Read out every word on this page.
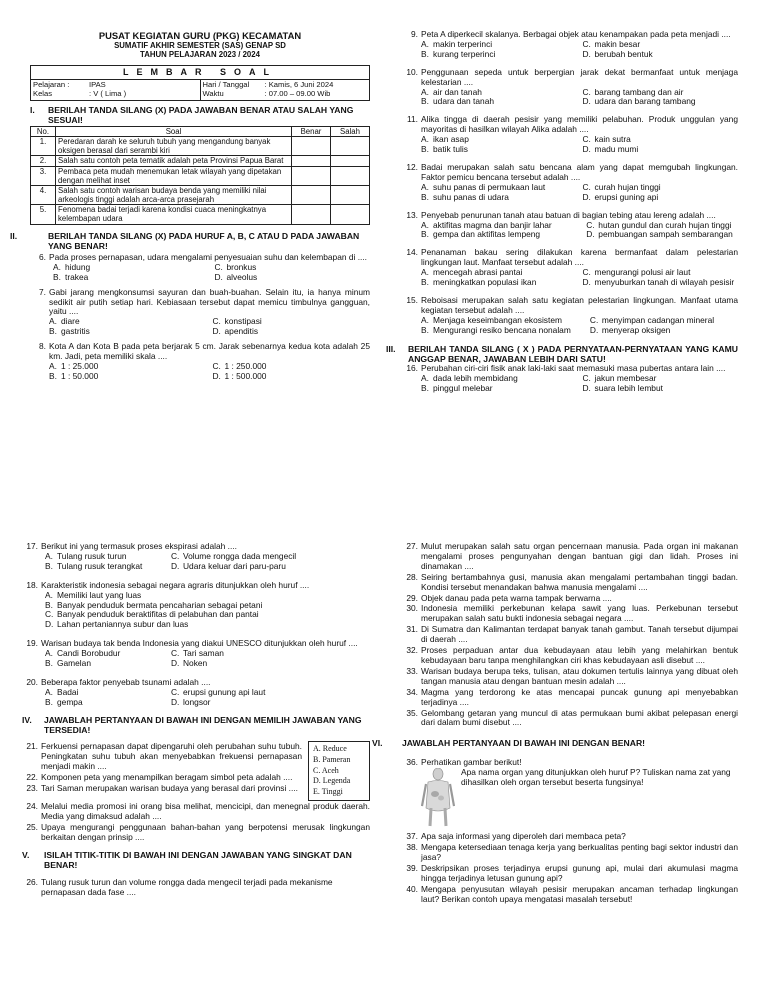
PUSAT KEGIATAN GURU (PKG) KECAMATAN
SUMATIF AKHIR SEMESTER (SAS) GENAP SD
TAHUN PELAJARAN 2023 / 2024
LEMBAR SOAL
Pelajaran :	IPAS
Kelas	: V ( Lima )
Hari / Tanggal	: Kamis, 6 Juni 2024
Waktu	: 07.00 – 09.00 Wib
I.	BERILAH TANDA SILANG (X) PADA JAWABAN BENAR ATAU SALAH YANG SESUAI!
No.	Soal	Benar	Salah
1.	Peredaran darah ke seluruh tubuh yang mengandung banyak oksigen berasal dari serambi kiri		
2.	Salah satu contoh peta tematik adalah peta Provinsi Papua Barat		
3.	Pembaca peta mudah menemukan letak wilayah yang dipetakan dengan melihat inset		
4.	Salah satu contoh warisan budaya benda yang memiliki nilai arkeologis tinggi adalah arca-arca prasejarah		
5.	Fenomena badai terjadi karena kondisi cuaca meningkatnya kelembapan udara		
II.	BERILAH TANDA SILANG (X) PADA HURUF A, B, C ATAU D PADA JAWABAN YANG BENAR!
6. Pada proses pernapasan, udara mengalami penyesuaian suhu dan kelembapan di ....
A. hidung	C. bronkus
B. trakea	D. alveolus
7. Gabi jarang mengkonsumsi sayuran dan buah-buahan. Selain itu, ia hanya minum sedikit air putih setiap hari. Kebiasaan tersebut dapat memicu timbulnya gangguan, yaitu ....
A. diare	C. konstipasi
B. gastritis	D. apenditis
8. Kota A dan Kota B pada peta berjarak 5 cm. Jarak sebenarnya kedua kota adalah 25 km. Jadi, peta memiliki skala ....
A. 1 : 25.000	C. 1 : 250.000
B. 1 : 50.000	D. 1 : 500.000
9. Peta A diperkecil skalanya. Berbagai objek atau kenampakan pada peta menjadi ....
A. makin terperinci	C. makin besar
B. kurang terperinci	D. berubah bentuk
10. Penggunaan sepeda untuk berpergian jarak dekat bermanfaat untuk menjaga kelestarian ....
A. air dan tanah	C. barang tambang dan air
B. udara dan tanah	D. udara dan barang tambang
11. Alika tingga di daerah pesisir yang memiliki pelabuhan. Produk unggulan yang mayoritas di hasilkan wilayah Alika adalah ....
A. ikan asap	C. kain sutra
B. batik tulis	D. madu mumi
12. Badai merupakan salah satu bencana alam yang dapat memgubah lingkungan. Faktor pemicu bencana tersebut adalah ....
A. suhu panas di permukaan laut	C. curah hujan tinggi
B. suhu panas di udara	D. erupsi guning api
13. Penyebab penurunan tanah atau batuan di bagian tebing atau lereng adalah ....
A. aktifitas magma dan banjir lahar	C. hutan gundul dan curah hujan tinggi
B. gempa dan aktifitas lempeng	D. pembuangan sampah sembarangan
14. Penanaman bakau sering dilakukan karena bermanfaat dalam pelestarian lingkungan laut. Manfaat tersebut adalah ....
A. mencegah abrasi pantai	C. mengurangi polusi air laut
B. meningkatkan populasi ikan	D. menyuburkan tanah di wilayah pesisir
15. Reboisasi merupakan salah satu kegiatan pelestarian lingkungan. Manfaat utama kegiatan tersebut adalah ....
A. Menjaga keseimbangan ekosistem	C. menyimpan cadangan mineral
B. Mengurangi resiko bencana nonalam D. menyerap oksigen
III.	BERILAH TANDA SILANG ( X ) PADA PERNYATAAN-PERNYATAAN YANG KAMU ANGGAP BENAR, JAWABAN LEBIH DARI SATU!
16. Perubahan ciri-ciri fisik anak laki-laki saat memasuki masa pubertas antara lain ....
A. dada lebih membidang	C. jakun membesar
B. pinggul melebar	D. suara lebih lembut
17. Berikut ini yang termasuk proses ekspirasi adalah ....
A. Tulang rusuk turun	C. Volume rongga dada mengecil
B. Tulang rusuk terangkat	D. Udara keluar dari paru-paru
18. Karakteristik indonesia sebagai negara agraris ditunjukkan oleh huruf ....
A. Memiliki laut yang luas
B. Banyak penduduk bermata pencaharian sebagai petani
C. Banyak penduduk beraktifitas di pelabuhan dan pantai
D. Lahan pertaniannya subur dan luas
19. Warisan budaya tak benda Indonesia yang diakui UNESCO ditunjukkan oleh huruf ....
A. Candi Borobudur	C. Tari saman
B. Gamelan	D. Noken
20. Beberapa faktor penyebab tsunami adalah ....
A. Badai	C. erupsi gunung api laut
B. gempa	D. longsor
IV.	JAWABLAH PERTANYAAN DI BAWAH INI DENGAN MEMILIH JAWABAN YANG TERSEDIA!
21. Ferkuensi pernapasan dapat dipengaruhi oleh perubahan suhu tubuh. Peningkatan suhu tubuh akan menyebabkan frekuensi pernapasan menjadi makin ....
22. Komponen peta yang menampilkan beragam simbol peta adalah ....
23. Tari Saman merupakan warisan budaya yang berasal dari provinsi ....
A. Reduce
B. Pameran
C. Aceh
D. Legenda
E. Tinggi
24. Melalui media promosi ini orang bisa melihat, mencicipi, dan menegnal produk daerah. Media yang dimaksud adalah ....
25. Upaya mengurangi penggunaan bahan-bahan yang berpotensi merusak lingkungan berkaitan dengan prinsip ....
V.	ISILAH TITIK-TITIK DI BAWAH INI DENGAN JAWABAN YANG SINGKAT DAN BENAR!
26. Tulang rusuk turun dan volume rongga dada mengecil terjadi pada mekanisme pernapasan dada fase ....
27. Mulut merupakan salah satu organ pencernaan manusia. Pada organ ini makanan mengalami proses pengunyahan dengan bantuan gigi dan lidah. Proses ini dinamakan ....
28. Seiring bertambahnya gusi, manusia akan mengalami pertambahan tinggi badan. Kondisi tersebut menandakan bahwa manusia mengalami ....
29. Objek danau pada peta warna tampak berwarna ....
30. Indonesia memiliki perkebunan kelapa sawit yang luas. Perkebunan tersebut merupakan salah satu bukti indonesia sebagai negara ....
31. Di Sumatra dan Kalimantan terdapat banyak tanah gambut. Tanah tersebut dijumpai di daerah ....
32. Proses perpaduan antar dua kebudayaan atau lebih yang melahirkan bentuk kebudayaan baru tanpa menghilangkan ciri khas kebudayaan asli disebut ....
33. Warisan budaya berupa teks, tulisan, atau dokumen tertulis lainnya yang dibuat oleh tangan manusia atau dengan bantuan mesin adalah ....
34. Magma yang terdorong ke atas mencapai puncak gunung api menyebabkan terjadinya ....
35. Gelombang getaran yang muncul di atas permukaan bumi akibat pelepasan energi dari dalam bumi disebut ....
VI.	JAWABLAH PERTANYAAN DI BAWAH INI DENGAN BENAR!
36. Perhatikan gambar berikut!
Apa nama organ yang ditunjukkan oleh huruf P? Tuliskan nama zat yang dihasilkan oleh organ tersebut beserta fungsinya!
37. Apa saja informasi yang diperoleh dari membaca peta?
38. Mengapa ketersediaan tenaga kerja yang berkualitas penting bagi sektor industri dan jasa?
39. Deskripsikan proses terjadinya erupsi gunung api, mulai dari akumulasi magma hingga terjadinya letusan gunung api?
40. Mengapa penyusutan wilayah pesisir merupakan ancaman terhadap lingkungan laut? Berikan contoh upaya mengatasi masalah tersebut!
